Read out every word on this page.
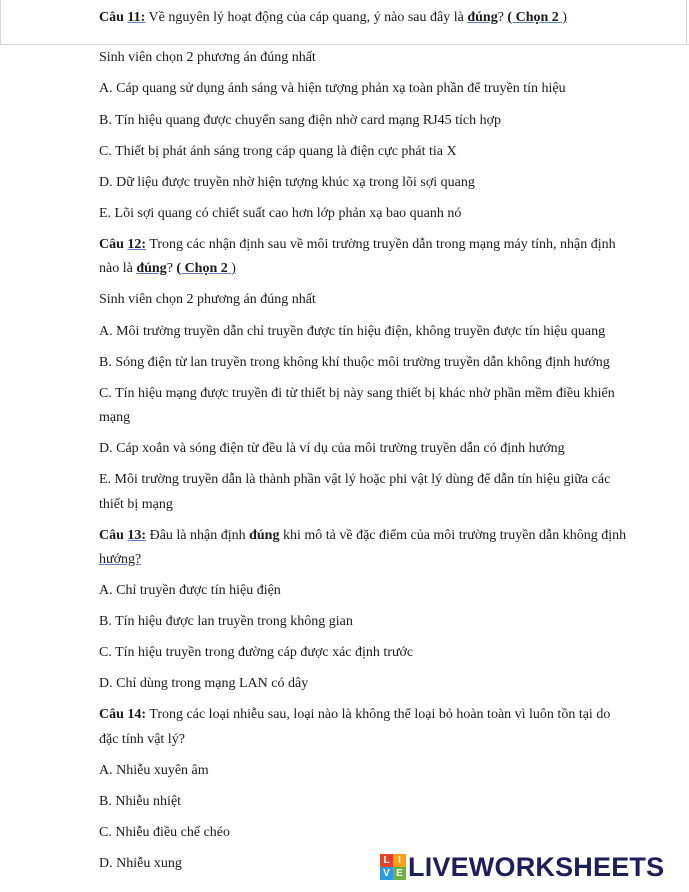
Câu 11: Về nguyên lý hoạt động của cáp quang, ý nào sau đây là đúng? ( Chọn 2 )
Sinh viên chọn 2 phương án đúng nhất
A. Cáp quang sử dụng ánh sáng và hiện tượng phản xạ toàn phần để truyền tín hiệu
B. Tín hiệu quang được chuyển sang điện nhờ card mạng RJ45 tích hợp
C. Thiết bị phát ánh sáng trong cáp quang là điện cực phát tia X
D. Dữ liệu được truyền nhờ hiện tượng khúc xạ trong lõi sợi quang
E. Lõi sợi quang có chiết suất cao hơn lớp phản xạ bao quanh nó
Câu 12: Trong các nhận định sau về môi trường truyền dẫn trong mạng máy tính, nhận định
nào là đúng? ( Chọn 2 )
Sinh viên chọn 2 phương án đúng nhất
A. Môi trường truyền dẫn chỉ truyền được tín hiệu điện, không truyền được tín hiệu quang
B. Sóng điện từ lan truyền trong không khí thuộc môi trường truyền dẫn không định hướng
C. Tín hiệu mạng được truyền đi từ thiết bị này sang thiết bị khác nhờ phần mềm điều khiển
mạng
D. Cáp xoắn và sóng điện từ đều là ví dụ của môi trường truyền dẫn có định hướng
E. Môi trường truyền dẫn là thành phần vật lý hoặc phi vật lý dùng để dẫn tín hiệu giữa các
thiết bị mạng
Câu 13: Đâu là nhận định đúng khi mô tả về đặc điểm của môi trường truyền dẫn không định
hướng?
A. Chỉ truyền được tín hiệu điện
B. Tín hiệu được lan truyền trong không gian
C. Tín hiệu truyền trong đường cáp được xác định trước
D. Chỉ dùng trong mạng LAN có dây
Câu 14: Trong các loại nhiễu sau, loại nào là không thể loại bỏ hoàn toàn vì luôn tồn tại do
đặc tính vật lý?
A. Nhiễu xuyên âm
B. Nhiễu nhiệt
C. Nhiễu điều chế chéo
D. Nhiễu xung	L I
V E LIVEWORKSHEETS
